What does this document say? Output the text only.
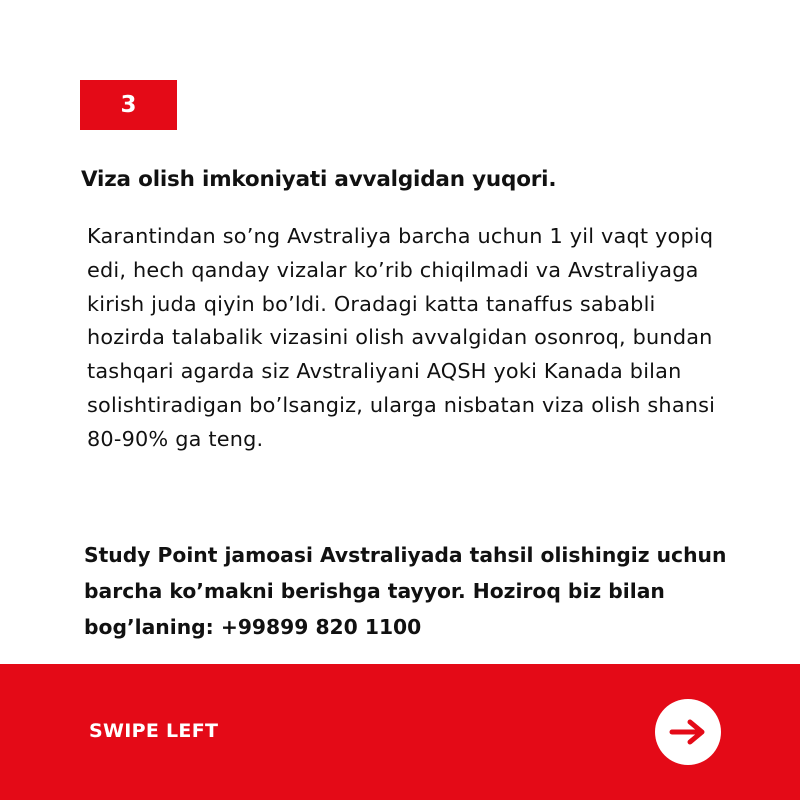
3
Viza olish imkoniyati avvalgidan yuqori.

Karantindan so’ng Avstraliya barcha uchun 1 yil vaqt yopiq edi, hech qanday vizalar ko’rib chiqilmadi va Avstraliyaga kirish juda qiyin bo’ldi. Oradagi katta tanaffus sababli hozirda talabalik vizasini olish avvalgidan osonroq, bundan tashqari agarda siz Avstraliyani AQSH yoki Kanada bilan solishtiradigan bo’lsangiz, ularga nisbatan viza olish shansi 80-90% ga teng.

Study Point jamoasi Avstraliyada tahsil olishingiz uchun barcha ko’makni berishga tayyor. Hoziroq biz bilan bog’laning: +99899 820 1100

SWIPE LEFT
